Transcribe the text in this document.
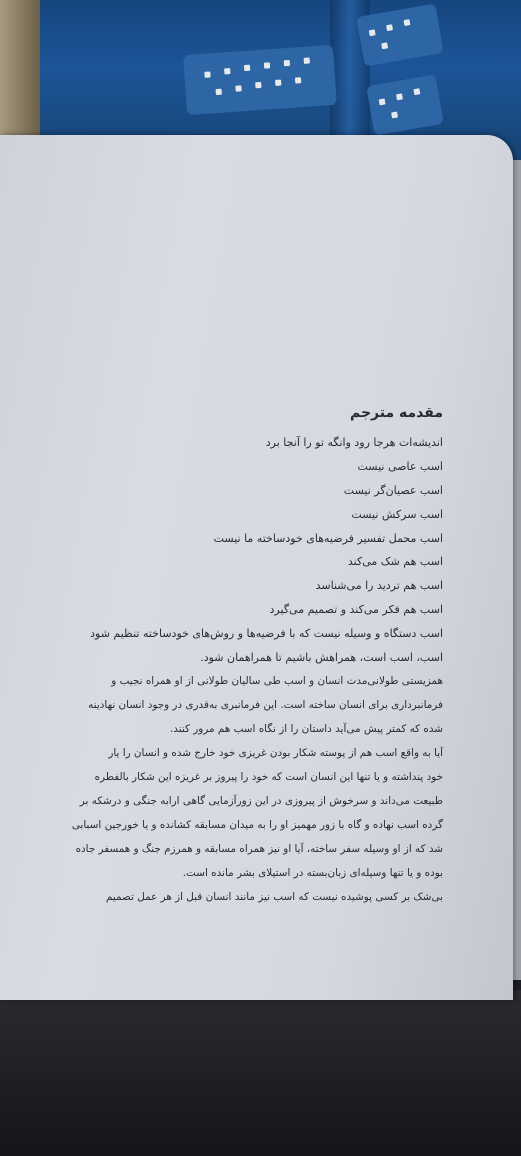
مقدمه مترجم
اندیشه‌ات هرجا رود وانگه تو را آنجا برد
اسب عاصی نیست
اسب عصیان‌گر نیست
اسب سرکش نیست
اسب محمل تفسیر فرضیه‌های خودساخته ما نیست
اسب هم شک می‌کند
اسب هم تردید را می‌شناسد
اسب هم فکر می‌کند و تصمیم می‌گیرد
اسب دستگاه و وسیله نیست که با فرضیه‌ها و روش‌های خودساخته تنظیم شود
اسب، اسب است، همراهش باشیم تا همراهمان شود.
همزیستی طولانی‌مدت انسان و اسب طی سالیان طولانی از او همراه نجیب و
فرمانبرداری برای انسان ساخته است. این فرمانبری به‌قدری در وجود انسان نهادینه
شده که کمتر پیش می‌آید داستان را از نگاه اسب هم مرور کنند.
آیا به واقع اسب هم از پوسته شکار بودن غریزی خود خارج شده و انسان را یار
خود پنداشته و یا تنها این انسان است که خود را پیروز بر غریزه این شکار بالفطره
طبیعت می‌داند و سرخوش از پیروزی در این زورآزمایی گاهی ارابه جنگی و درشکه بر
گرده اسب نهاده و گاه با زور مهمیز او را به میدان مسابقه کشانده و یا خورجین اسبابی
شد که از او وسیله سفر ساخته، آیا او نیز همراه مسابقه و همرزم جنگ و همسفر جاده
بوده و یا تنها وسیله‌ای زبان‌بسته در استیلای بشر مانده است.
بی‌شک بر کسی پوشیده نیست که اسب نیز مانند انسان قبل از هر عمل تصمیم
